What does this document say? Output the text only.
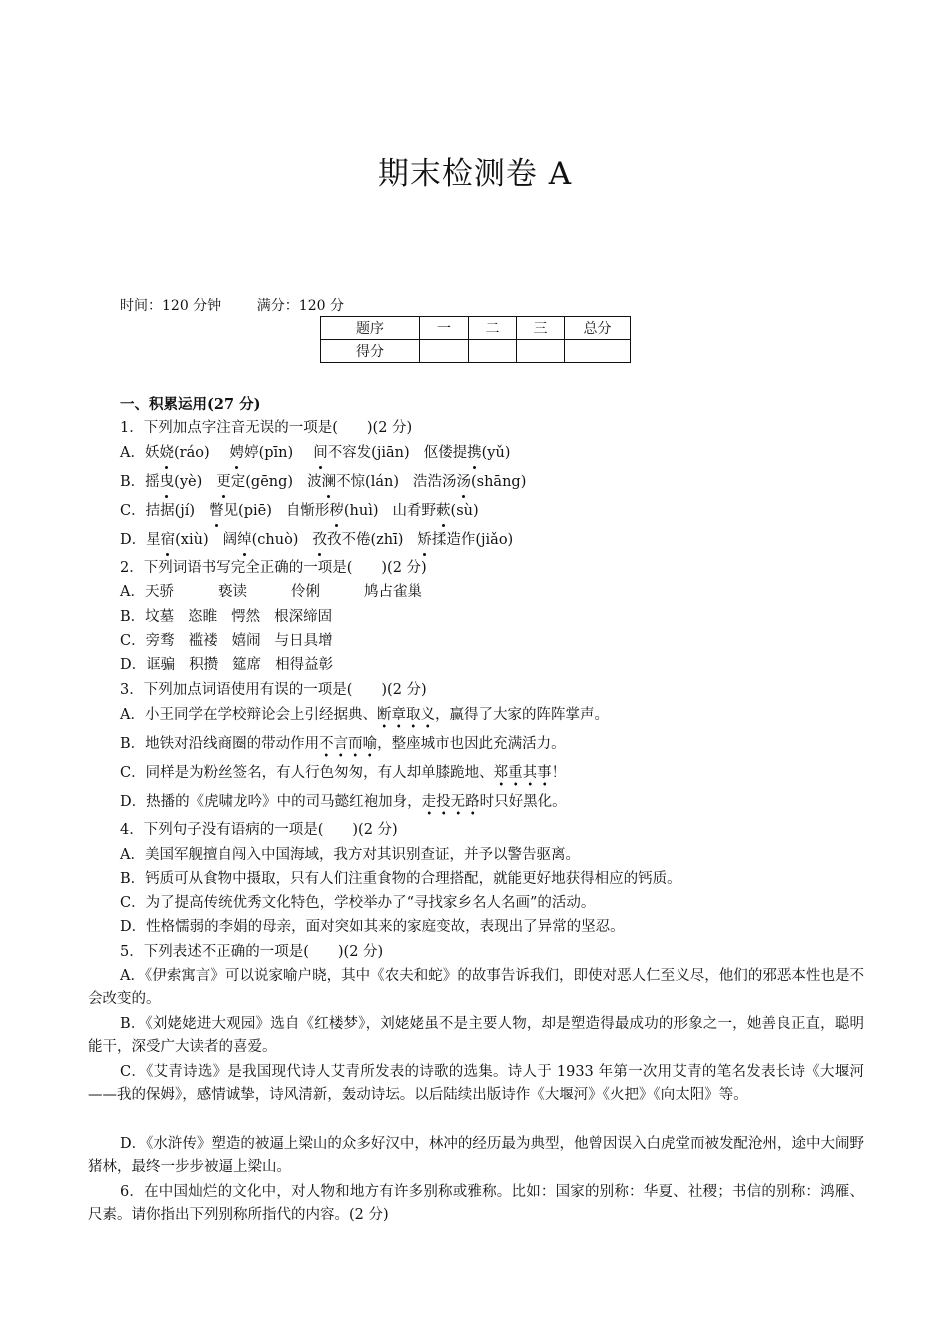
期末检测卷 A
时间：120 分钟	满分：120 分
题序	一	二	三	总分
得分				
一、积累运用(27 分)
1．下列加点字注音无误的一项是(　　)(2 分)
A．妖娆(ráo) 娉婷(pīn) 间不容发(jiān) 伛偻提携(yǔ)
B．摇曳(yè) 更定(gēng) 波澜不惊(lán) 浩浩汤汤(shāng)
C．拮据(jí) 瞥见(piē) 自惭形秽(huì) 山肴野蔌(sù)
D．星宿(xiù) 阔绰(chuò) 孜孜不倦(zhī) 矫揉造作(jiǎo)
2．下列词语书写完全正确的一项是(　　)(2 分)
A．天骄	亵读	伶俐	鸠占雀巢
B．坟墓 恣睢 愕然 根深缔固
C．旁骛 褴褛 嬉闹 与日具增
D．诓骗 积攒 筵席 相得益彰
3．下列加点词语使用有误的一项是(　　)(2 分)
A．小王同学在学校辩论会上引经据典、断章取义，赢得了大家的阵阵掌声。
B．地铁对沿线商圈的带动作用不言而喻，整座城市也因此充满活力。
C．同样是为粉丝签名，有人行色匆匆，有人却单膝跪地、郑重其事！
D．热播的《虎啸龙吟》中的司马懿红袍加身，走投无路时只好黑化。
4．下列句子没有语病的一项是(　　)(2 分)
A．美国军舰擅自闯入中国海域，我方对其识别查证，并予以警告驱离。
B．钙质可从食物中摄取，只有人们注重食物的合理搭配，就能更好地获得相应的钙质。
C．为了提高传统优秀文化特色，学校举办了“寻找家乡名人名画”的活动。
D．性格懦弱的李娟的母亲，面对突如其来的家庭变故，表现出了异常的坚忍。
5．下列表述不正确的一项是(　　)(2 分)
A．《伊索寓言》可以说家喻户晓，其中《农夫和蛇》的故事告诉我们，即使对恶人仁至义尽，他们的邪恶本性也是不会改变的。
B．《刘姥姥进大观园》选自《红楼梦》，刘姥姥虽不是主要人物，却是塑造得最成功的形象之一，她善良正直，聪明能干，深受广大读者的喜爱。
C．《艾青诗选》是我国现代诗人艾青所发表的诗歌的选集。诗人于 1933 年第一次用艾青的笔名发表长诗《大堰河——我的保姆》，感情诚挚，诗风清新，轰动诗坛。以后陆续出版诗作《大堰河》《火把》《向太阳》等。
D．《水浒传》塑造的被逼上梁山的众多好汉中，林冲的经历最为典型，他曾因误入白虎堂而被发配沧州，途中大闹野猪林，最终一步步被逼上梁山。
6．在中国灿烂的文化中，对人物和地方有许多别称或雅称。比如：国家的别称：华夏、社稷；书信的别称：鸿雁、尺素。请你指出下列别称所指代的内容。(2 分)
